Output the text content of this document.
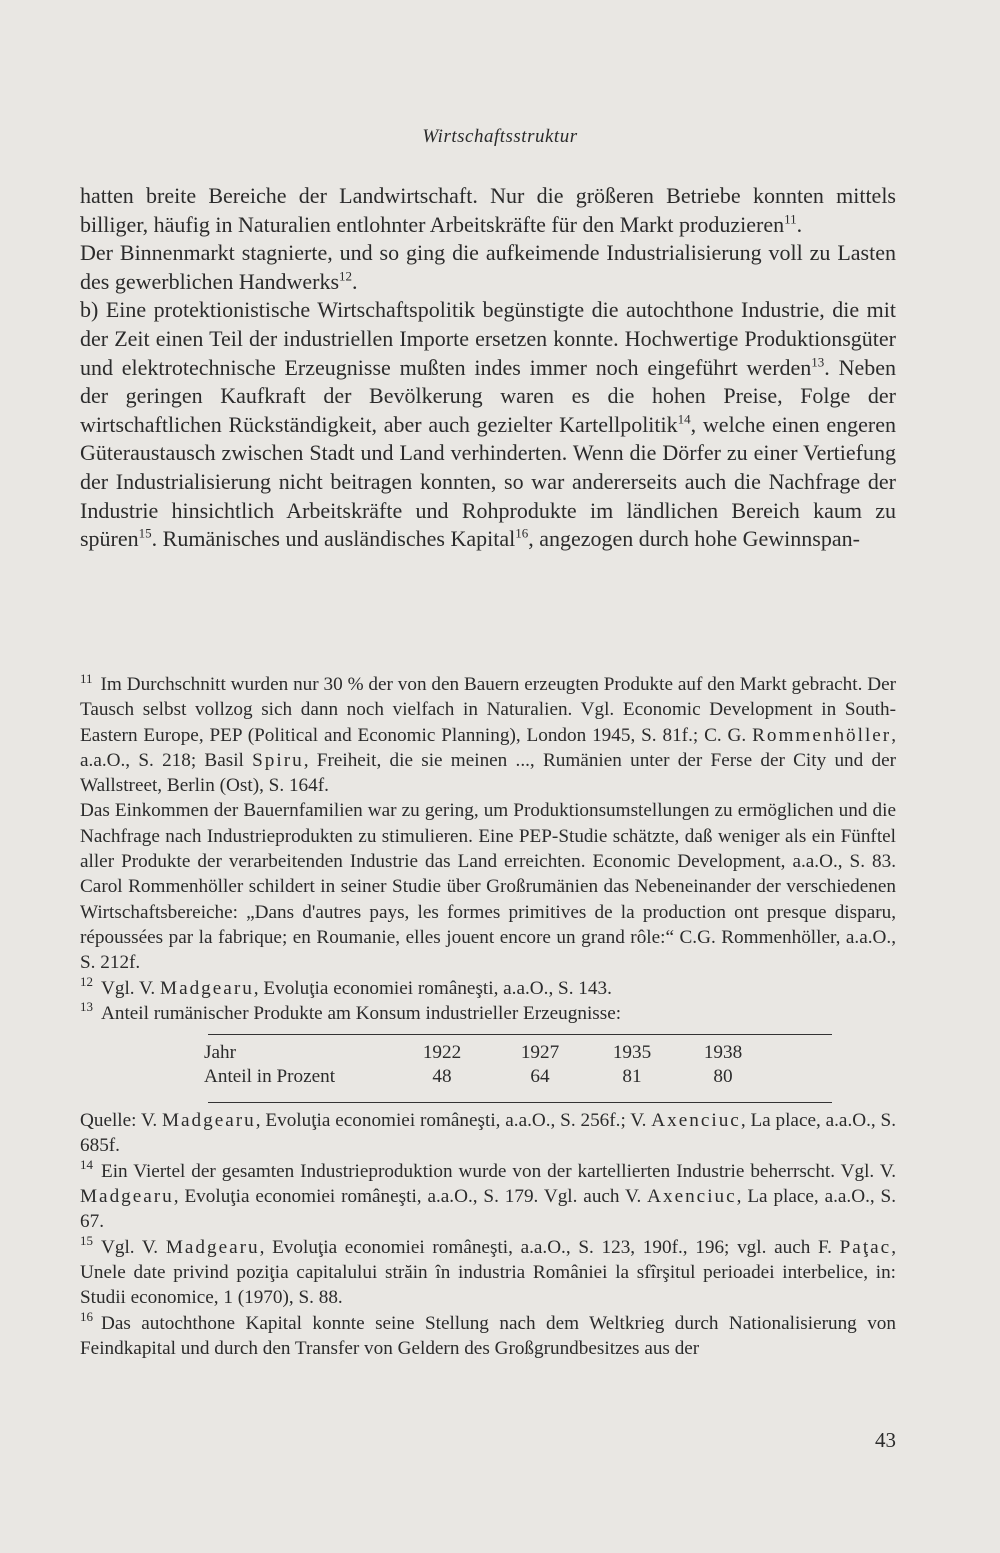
Wirtschaftsstruktur

hatten breite Bereiche der Landwirtschaft. Nur die größeren Betriebe konnten mittels billiger, häufig in Naturalien entlohnter Arbeitskräfte für den Markt produzieren$^{11}$.

Der Binnenmarkt stagnierte, und so ging die aufkeimende Industrialisierung voll zu Lasten des gewerblichen Handwerks$^{12}$.

b) Eine protektionistische Wirtschaftspolitik begünstigte die autochthone Industrie, die mit der Zeit einen Teil der industriellen Importe ersetzen konnte. Hochwertige Produktionsgüter und elektrotechnische Erzeugnisse mußten indes immer noch eingeführt werden$^{13}$. Neben der geringen Kaufkraft der Bevölkerung waren es die hohen Preise, Folge der wirtschaftlichen Rückständigkeit, aber auch gezielter Kartellpolitik$^{14}$, welche einen engeren Güteraustausch zwischen Stadt und Land verhinderten. Wenn die Dörfer zu einer Vertiefung der Industrialisierung nicht beitragen konnten, so war andererseits auch die Nachfrage der Industrie hinsichtlich Arbeitskräfte und Rohprodukte im ländlichen Bereich kaum zu spüren$^{15}$. Rumänisches und ausländisches Kapital$^{16}$, angezogen durch hohe Gewinnspan-

$^{11}$ Im Durchschnitt wurden nur 30 % der von den Bauern erzeugten Produkte auf den Markt gebracht. Der Tausch selbst vollzog sich dann noch vielfach in Naturalien. Vgl. Economic Development in South-Eastern Europe, PEP (Political and Economic Planning), London 1945, S. 81f.; C. G. Rommenhöller, a.a.O., S. 218; Basil Spiru, Freiheit, die sie meinen ..., Rumänien unter der Ferse der City und der Wallstreet, Berlin (Ost), S. 164f.

Das Einkommen der Bauernfamilien war zu gering, um Produktionsumstellungen zu ermöglichen und die Nachfrage nach Industrieprodukten zu stimulieren. Eine PEP-Studie schätzte, daß weniger als ein Fünftel aller Produkte der verarbeitenden Industrie das Land erreichten. Economic Development, a.a.O., S. 83. Carol Rommenhöller schildert in seiner Studie über Großrumänien das Nebeneinander der verschiedenen Wirtschaftsbereiche: „Dans d'autres pays, les formes primitives de la production ont presque disparu, répoussées par la fabrique; en Roumanie, elles jouent encore un grand rôle:“ C.G. Rommenhöller, a.a.O., S. 212f.

$^{12}$ Vgl. V. Madgearu, Evoluţia economiei româneşti, a.a.O., S. 143.

$^{13}$ Anteil rumänischer Produkte am Konsum industrieller Erzeugnisse:

Jahr	1922	1927	1935	1938
Anteil in Prozent	48	64	81	80

Quelle: V. Madgearu, Evoluţia economiei româneşti, a.a.O., S. 256f.; V. Axenciuc, La place, a.a.O., S. 685f.

$^{14}$ Ein Viertel der gesamten Industrieproduktion wurde von der kartellierten Industrie beherrscht. Vgl. V. Madgearu, Evoluţia economiei româneşti, a.a.O., S. 179. Vgl. auch V. Axenciuc, La place, a.a.O., S. 67.

$^{15}$ Vgl. V. Madgearu, Evoluţia economiei româneşti, a.a.O., S. 123, 190f., 196; vgl. auch F. Paţac, Unele date privind poziţia capitalului străin în industria României la sfîrşitul perioadei interbelice, in: Studii economice, 1 (1970), S. 88.

$^{16}$ Das autochthone Kapital konnte seine Stellung nach dem Weltkrieg durch Nationalisierung von Feindkapital und durch den Transfer von Geldern des Großgrundbesitzes aus der

43
